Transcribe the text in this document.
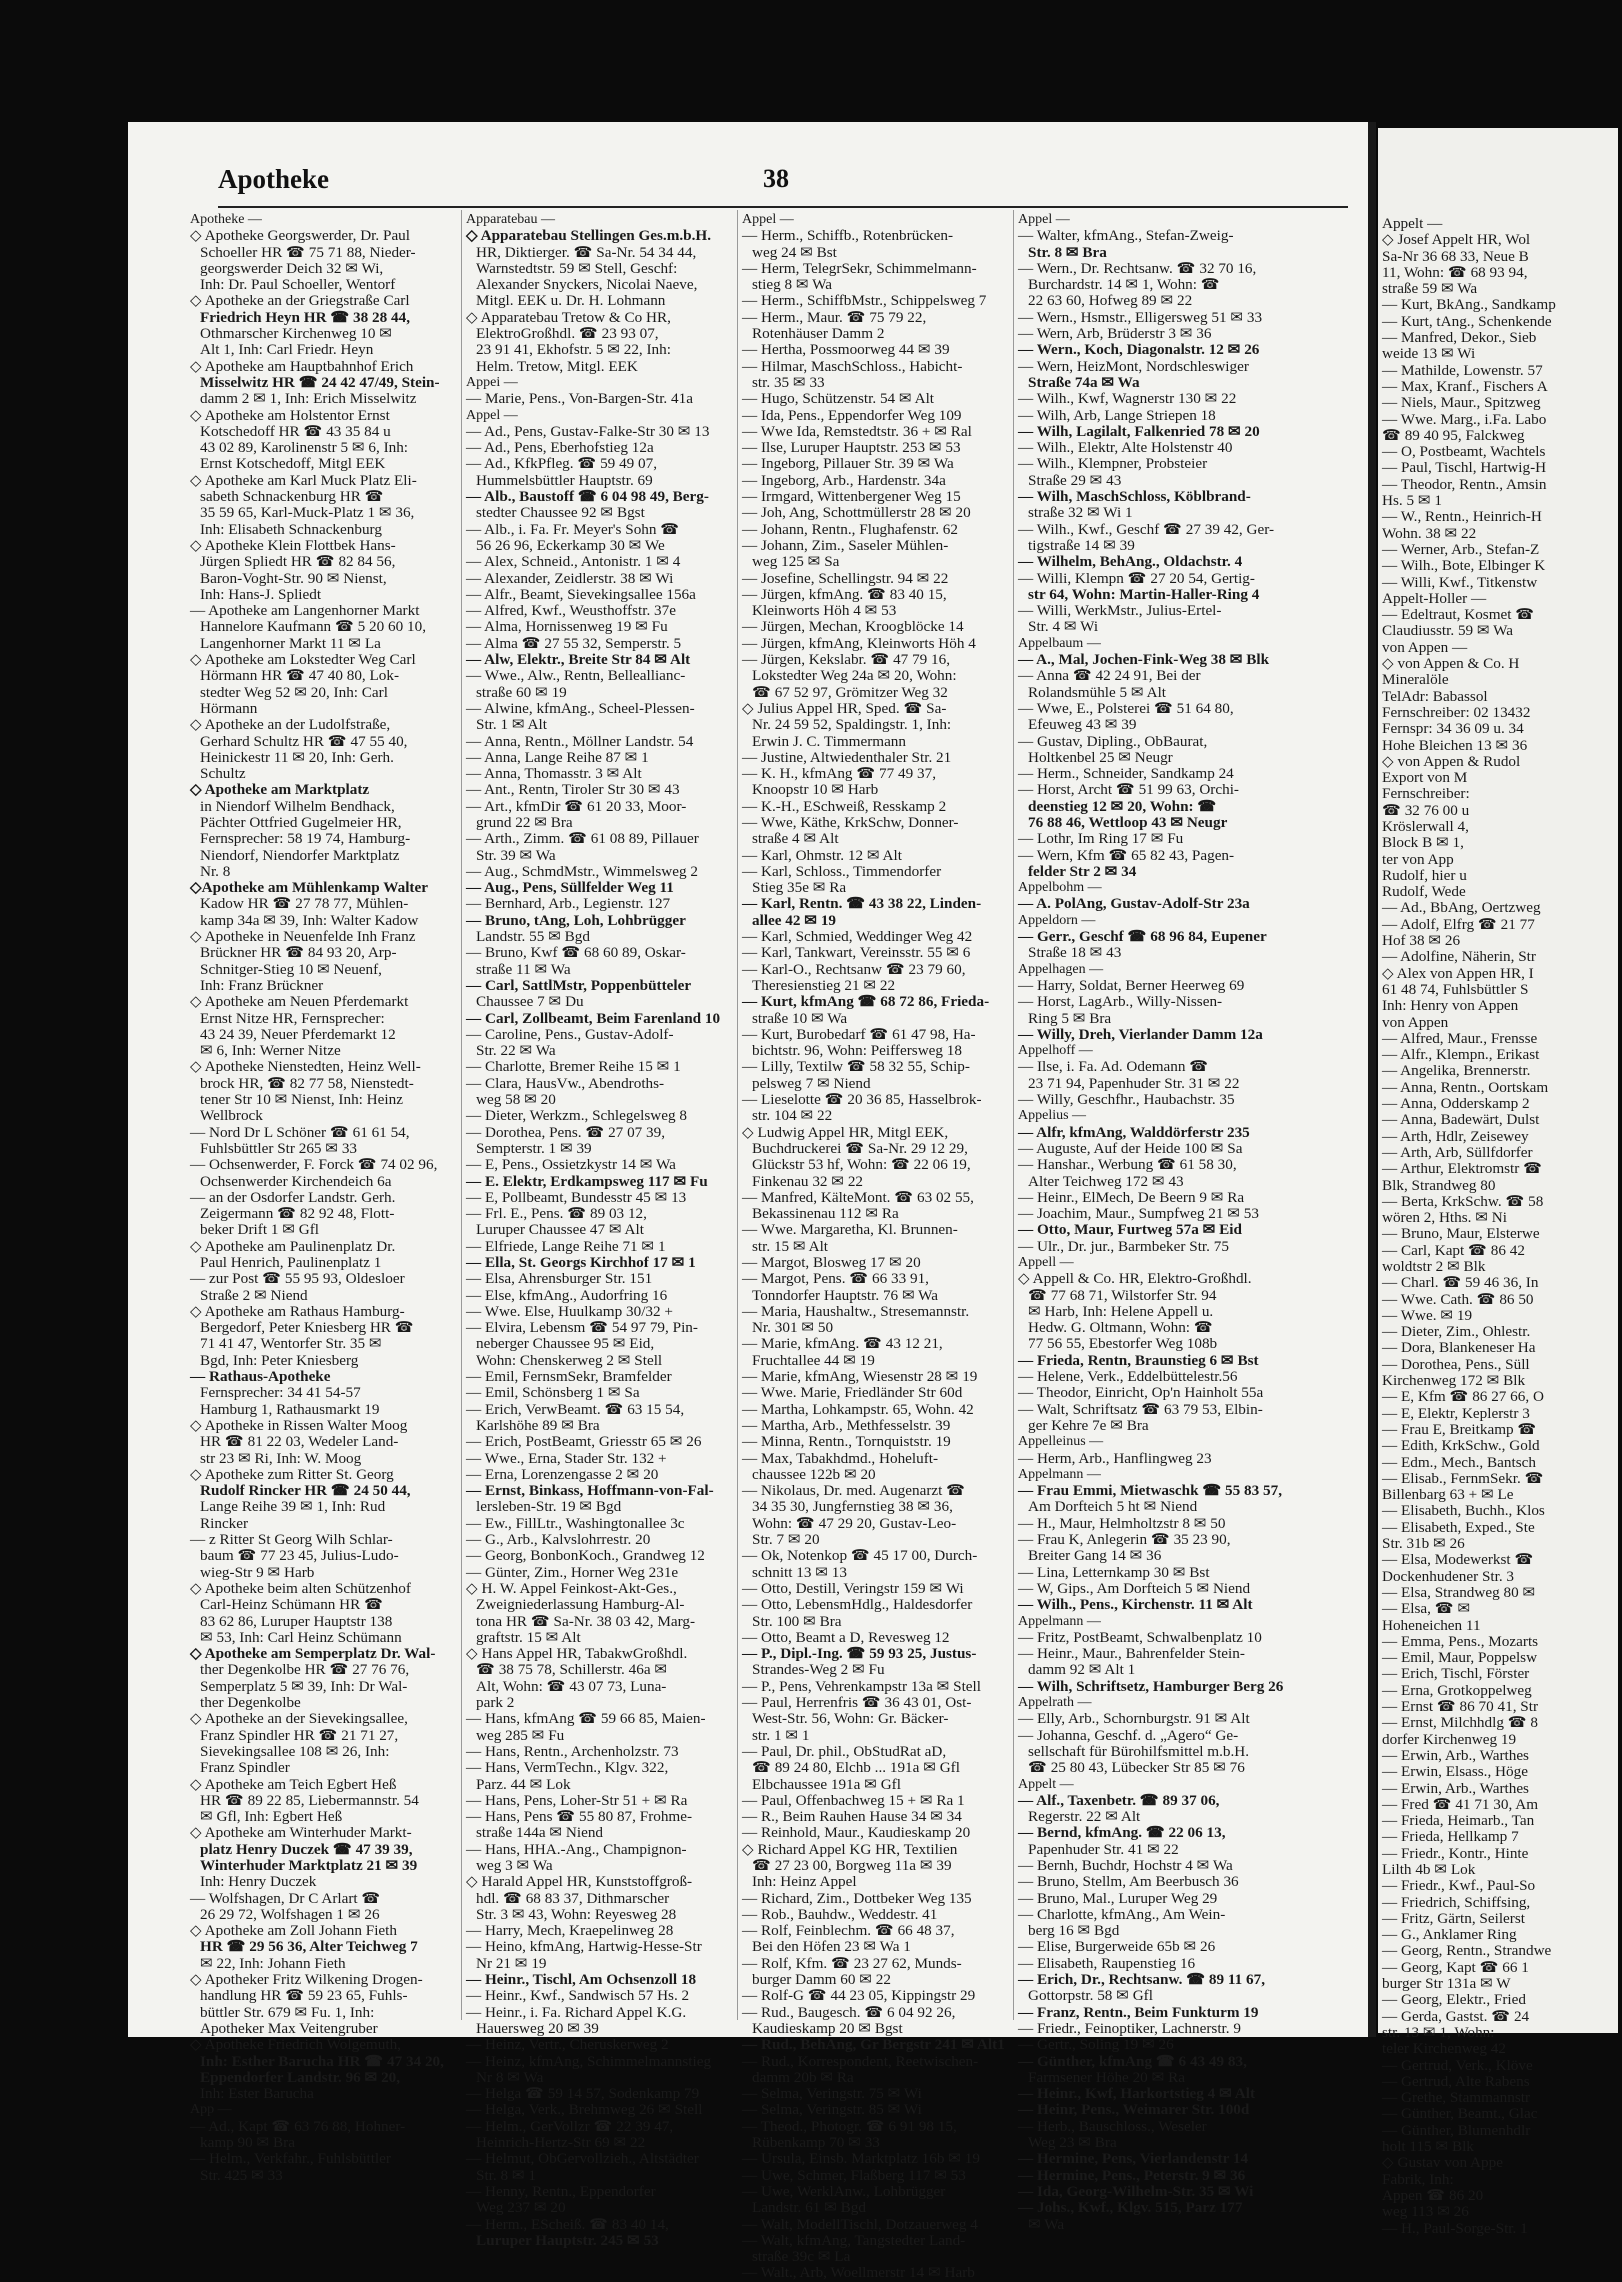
Apotheke	38
Apotheke —
◇ Apotheke Georgswerder, Dr. Paul
Schoeller HR ☎ 75 71 88, Nieder-
georgswerder Deich 32 ✉ Wi,
Inh: Dr. Paul Schoeller, Wentorf
◇ Apotheke an der Griegstraße Carl
Friedrich Heyn HR ☎ 38 28 44,
Othmarscher Kirchenweg 10 ✉
Alt 1, Inh: Carl Friedr. Heyn
◇ Apotheke am Hauptbahnhof Erich
Misselwitz HR ☎ 24 42 47/49, Stein-
damm 2 ✉ 1, Inh: Erich Misselwitz
◇ Apotheke am Holstentor Ernst
Kotschedoff HR ☎ 43 35 84 u
43 02 89, Karolinenstr 5 ✉ 6, Inh:
Ernst Kotschedoff, Mitgl EEK
◇ Apotheke am Karl Muck Platz Eli-
sabeth Schnackenburg HR ☎
35 59 65, Karl-Muck-Platz 1 ✉ 36,
Inh: Elisabeth Schnackenburg
◇ Apotheke Klein Flottbek Hans-
Jürgen Spliedt HR ☎ 82 84 56,
Baron-Voght-Str. 90 ✉ Nienst,
Inh: Hans-J. Spliedt
— Apotheke am Langenhorner Markt
Hannelore Kaufmann ☎ 5 20 60 10,
Langenhorner Markt 11 ✉ La
◇ Apotheke am Lokstedter Weg Carl
Hörmann HR ☎ 47 40 80, Lok-
stedter Weg 52 ✉ 20, Inh: Carl
Hörmann
◇ Apotheke an der Ludolfstraße,
Gerhard Schultz HR ☎ 47 55 40,
Heinickestr 11 ✉ 20, Inh: Gerh.
Schultz
◇ Apotheke am Marktplatz
in Niendorf Wilhelm Bendhack,
Pächter Ottfried Gugelmeier HR,
Fernsprecher: 58 19 74, Hamburg-
Niendorf, Niendorfer Marktplatz
Nr. 8
◇Apotheke am Mühlenkamp Walter
Kadow HR ☎ 27 78 77, Mühlen-
kamp 34a ✉ 39, Inh: Walter Kadow
◇ Apotheke in Neuenfelde Inh Franz
Brückner HR ☎ 84 93 20, Arp-
Schnitger-Stieg 10 ✉ Neuenf,
Inh: Franz Brückner
◇ Apotheke am Neuen Pferdemarkt
Ernst Nitze HR, Fernsprecher:
43 24 39, Neuer Pferdemarkt 12
✉ 6, Inh: Werner Nitze
◇ Apotheke Nienstedten, Heinz Well-
brock HR, ☎ 82 77 58, Nienstedt-
tener Str 10 ✉ Nienst, Inh: Heinz
Wellbrock
— Nord Dr L Schöner ☎ 61 61 54,
Fuhlsbüttler Str 265 ✉ 33
— Ochsenwerder, F. Forck ☎ 74 02 96,
Ochsenwerder Kirchendeich 6a
— an der Osdorfer Landstr. Gerh.
Zeigermann ☎ 82 92 48, Flott-
beker Drift 1 ✉ Gfl
◇ Apotheke am Paulinenplatz Dr.
Paul Henrich, Paulinenplatz 1
— zur Post ☎ 55 95 93, Oldesloer
Straße 2 ✉ Niend
◇ Apotheke am Rathaus Hamburg-
Bergedorf, Peter Kniesberg HR ☎
71 41 47, Wentorfer Str. 35 ✉
Bgd, Inh: Peter Kniesberg
— Rathaus-Apotheke
Fernsprecher: 34 41 54-57
Hamburg 1, Rathausmarkt 19
◇ Apotheke in Rissen Walter Moog
HR ☎ 81 22 03, Wedeler Land-
str 23 ✉ Ri, Inh: W. Moog
◇ Apotheke zum Ritter St. Georg
Rudolf Rincker HR ☎ 24 50 44,
Lange Reihe 39 ✉ 1, Inh: Rud
Rincker
— z Ritter St Georg Wilh Schlar-
baum ☎ 77 23 45, Julius-Ludo-
wieg-Str 9 ✉ Harb
◇ Apotheke beim alten Schützenhof
Carl-Heinz Schümann HR ☎
83 62 86, Luruper Hauptstr 138
✉ 53, Inh: Carl Heinz Schümann
◇ Apotheke am Semperplatz Dr. Wal-
ther Degenkolbe HR ☎ 27 76 76,
Semperplatz 5 ✉ 39, Inh: Dr Wal-
ther Degenkolbe
◇ Apotheke an der Sievekingsallee,
Franz Spindler HR ☎ 21 71 27,
Sievekingsallee 108 ✉ 26, Inh:
Franz Spindler
◇ Apotheke am Teich Egbert Heß
HR ☎ 89 22 85, Liebermannstr. 54
✉ Gfl, Inh: Egbert Heß
◇ Apotheke am Winterhuder Markt-
platz Henry Duczek ☎ 47 39 39,
Winterhuder Marktplatz 21 ✉ 39
Inh: Henry Duczek
— Wolfshagen, Dr C Arlart ☎
26 29 72, Wolfshagen 1 ✉ 26
◇ Apotheke am Zoll Johann Fieth
HR ☎ 29 56 36, Alter Teichweg 7
✉ 22, Inh: Johann Fieth
◇ Apotheker Fritz Wilkening Drogen-
handlung HR ☎ 59 23 65, Fuhls-
büttler Str. 679 ✉ Fu. 1, Inh:
Apotheker Max Veitengruber
◇ Apotheke Friedrich Wolgemuth,
Inh: Esther Barucha HR ☎ 47 34 20,
Eppendorfer Landstr. 96 ✉ 20,
Inh: Ester Barucha
App —
— Ad., Kapt ☎ 63 76 88, Hohner-
kamp 90 ✉ Bra
— Helm., Verkfahr., Fuhlsbüttler
Str. 425 ✉ 33
Apparatebau —
◇ Apparatebau Stellingen Ges.m.b.H.
HR, Diktierger. ☎ Sa-Nr. 54 34 44,
Warnstedtstr. 59 ✉ Stell, Geschf:
Alexander Snyckers, Nicolai Naeve,
Mitgl. EEK u. Dr. H. Lohmann
◇ Apparatebau Tretow & Co HR,
ElektroGroßhdl. ☎ 23 93 07,
23 91 41, Ekhofstr. 5 ✉ 22, Inh:
Helm. Tretow, Mitgl. EEK
Appei —
— Marie, Pens., Von-Bargen-Str. 41a
Appel —
— Ad., Pens, Gustav-Falke-Str 30 ✉ 13
— Ad., Pens, Eberhofstieg 12a
— Ad., KfkPfleg. ☎ 59 49 07,
Hummelsbüttler Hauptstr. 69
— Alb., Baustoff ☎ 6 04 98 49, Berg-
stedter Chaussee 92 ✉ Bgst
— Alb., i. Fa. Fr. Meyer's Sohn ☎
56 26 96, Eckerkamp 30 ✉ We
— Alex, Schneid., Antonistr. 1 ✉ 4
— Alexander, Zeidlerstr. 38 ✉ Wi
— Alfr., Beamt, Sievekingsallee 156a
— Alfred, Kwf., Weusthoffstr. 37e
— Alma, Hornissenweg 19 ✉ Fu
— Alma ☎ 27 55 32, Semperstr. 5
— Alw, Elektr., Breite Str 84 ✉ Alt
— Wwe., Alw., Rentn, Belleallianc-
straße 60 ✉ 19
— Alwine, kfmAng., Scheel-Plessen-
Str. 1 ✉ Alt
— Anna, Rentn., Möllner Landstr. 54
— Anna, Lange Reihe 87 ✉ 1
— Anna, Thomasstr. 3 ✉ Alt
— Ant., Rentn, Tiroler Str 30 ✉ 43
— Art., kfmDir ☎ 61 20 33, Moor-
grund 22 ✉ Bra
— Arth., Zimm. ☎ 61 08 89, Pillauer
Str. 39 ✉ Wa
— Aug., SchmdMstr., Wimmelsweg 2
— Aug., Pens, Süllfelder Weg 11
— Bernhard, Arb., Legienstr. 127
— Bruno, tAng, Loh, Lohbrügger
Landstr. 55 ✉ Bgd
— Bruno, Kwf ☎ 68 60 89, Oskar-
straße 11 ✉ Wa
— Carl, SattlMstr, Poppenbütteler
Chaussee 7 ✉ Du
— Carl, Zollbeamt, Beim Farenland 10
— Caroline, Pens., Gustav-Adolf-
Str. 22 ✉ Wa
— Charlotte, Bremer Reihe 15 ✉ 1
— Clara, HausVw., Abendroths-
weg 58 ✉ 20
— Dieter, Werkzm., Schlegelsweg 8
— Dorothea, Pens. ☎ 27 07 39,
Sempterstr. 1 ✉ 39
— E, Pens., Ossietzkystr 14 ✉ Wa
— E. Elektr, Erdkampsweg 117 ✉ Fu
— E, Pollbeamt, Bundesstr 45 ✉ 13
— Frl. E., Pens. ☎ 89 03 12,
Luruper Chaussee 47 ✉ Alt
— Elfriede, Lange Reihe 71 ✉ 1
— Ella, St. Georgs Kirchhof 17 ✉ 1
— Elsa, Ahrensburger Str. 151
— Else, kfmAng., Audorfring 16
— Wwe. Else, Huulkamp 30/32 +
— Elvira, Lebensm ☎ 54 97 79, Pin-
neberger Chaussee 95 ✉ Eid,
Wohn: Chenskerweg 2 ✉ Stell
— Emil, FernsmSekr, Bramfelder
— Emil, Schönsberg 1 ✉ Sa
— Erich, VerwBeamt. ☎ 63 15 54,
Karlshöhe 89 ✉ Bra
— Erich, PostBeamt, Griesstr 65 ✉ 26
— Wwe., Erna, Stader Str. 132 +
— Erna, Lorenzengasse 2 ✉ 20
— Ernst, Binkass, Hoffmann-von-Fal-
lersleben-Str. 19 ✉ Bgd
— Ew., FillLtr., Washingtonallee 3c
— G., Arb., Kalvslohrrestr. 20
— Georg, BonbonKoch., Grandweg 12
— Günter, Zim., Horner Weg 231e
◇ H. W. Appel Feinkost-Akt-Ges.,
Zweigniederlassung Hamburg-Al-
tona HR ☎ Sa-Nr. 38 03 42, Marg-
graftstr. 15 ✉ Alt
◇ Hans Appel HR, TabakwGroßhdl.
☎ 38 75 78, Schillerstr. 46a ✉
Alt, Wohn: ☎ 43 07 73, Luna-
park 2
— Hans, kfmAng ☎ 59 66 85, Maien-
weg 285 ✉ Fu
— Hans, Rentn., Archenholzstr. 73
— Hans, VermTechn., Klgv. 322,
Parz. 44 ✉ Lok
— Hans, Pens, Loher-Str 51 + ✉ Ra
— Hans, Pens ☎ 55 80 87, Frohme-
straße 144a ✉ Niend
— Hans, HHA.-Ang., Champignon-
weg 3 ✉ Wa
◇ Harald Appel HR, Kunststoffgroß-
hdl. ☎ 68 83 37, Dithmarscher
Str. 3 ✉ 43, Wohn: Reyesweg 28
— Harry, Mech, Kraepelinweg 28
— Heino, kfmAng, Hartwig-Hesse-Str
Nr 21 ✉ 19
— Heinr., Tischl, Am Ochsenzoll 18
— Heinr., Kwf., Sandwisch 57 Hs. 2
— Heinr., i. Fa. Richard Appel K.G.
Hauersweg 20 ✉ 39
— Heinz, Vertr., Cheruskerweg 2
— Heinz, kfmAng, Schimmelmannstieg
Nr 8 ✉ Wa
— Helga ☎ 59 14 57, Sodenkamp 79
— Helga, Verk., Brehmweg 26 ✉ Stell
— Helm., GerVollzr ☎ 22 39 47,
Heinrich-Hertz-Str 69 ✉ 22
— Helmut, ObGervollzieh., Altstädter
Str. 8 ✉ 1
— Henny, Rentn., Eppendorfer
Weg 237 ✉ 20
— Herm., EScheiß. ☎ 83 40 14,
Luruper Hauptstr. 245 ✉ 53
Appel —
— Herm., Schiffb., Rotenbrücken-
weg 24 ✉ Bst
— Herm, TelegrSekr, Schimmelmann-
stieg 8 ✉ Wa
— Herm., SchiffbMstr., Schippelsweg 7
— Herm., Maur. ☎ 75 79 22,
Rotenhäuser Damm 2
— Hertha, Possmoorweg 44 ✉ 39
— Hilmar, MaschSchloss., Habicht-
str. 35 ✉ 33
— Hugo, Schützenstr. 54 ✉ Alt
— Ida, Pens., Eppendorfer Weg 109
— Wwe Ida, Remstedtstr. 36 + ✉ Ral
— Ilse, Luruper Hauptstr. 253 ✉ 53
— Ingeborg, Pillauer Str. 39 ✉ Wa
— Ingeborg, Arb., Hardenstr. 34a
— Irmgard, Wittenbergener Weg 15
— Joh, Ang, Schottmüllerstr 28 ✉ 20
— Johann, Rentn., Flughafenstr. 62
— Johann, Zim., Saseler Mühlen-
weg 125 ✉ Sa
— Josefine, Schellingstr. 94 ✉ 22
— Jürgen, kfmAng. ☎ 83 40 15,
Kleinworts Höh 4 ✉ 53
— Jürgen, Mechan, Kroogblöcke 14
— Jürgen, kfmAng, Kleinworts Höh 4
— Jürgen, Kekslabr. ☎ 47 79 16,
Lokstedter Weg 24a ✉ 20, Wohn:
☎ 67 52 97, Grömitzer Weg 32
◇ Julius Appel HR, Sped. ☎ Sa-
Nr. 24 59 52, Spaldingstr. 1, Inh:
Erwin J. C. Timmermann
— Justine, Altwiedenthaler Str. 21
— K. H., kfmAng ☎ 77 49 37,
Knoopstr 10 ✉ Harb
— K.-H., ESchweiß, Resskamp 2
— Wwe, Käthe, KrkSchw, Donner-
straße 4 ✉ Alt
— Karl, Ohmstr. 12 ✉ Alt
— Karl, Schloss., Timmendorfer
Stieg 35e ✉ Ra
— Karl, Rentn. ☎ 43 38 22, Linden-
allee 42 ✉ 19
— Karl, Schmied, Weddinger Weg 42
— Karl, Tankwart, Vereinsstr. 55 ✉ 6
— Karl-O., Rechtsanw ☎ 23 79 60,
Theresienstieg 21 ✉ 22
— Kurt, kfmAng ☎ 68 72 86, Frieda-
straße 10 ✉ Wa
— Kurt, Burobedarf ☎ 61 47 98, Ha-
bichtstr. 96, Wohn: Peiffersweg 18
— Lilly, Textilw ☎ 58 32 55, Schip-
pelsweg 7 ✉ Niend
— Lieselotte ☎ 20 36 85, Hasselbrok-
str. 104 ✉ 22
◇ Ludwig Appel HR, Mitgl EEK,
Buchdruckerei ☎ Sa-Nr. 29 12 29,
Glückstr 53 hf, Wohn: ☎ 22 06 19,
Finkenau 32 ✉ 22
— Manfred, KälteMont. ☎ 63 02 55,
Bekassinenau 112 ✉ Ra
— Wwe. Margaretha, Kl. Brunnen-
str. 15 ✉ Alt
— Margot, Blosweg 17 ✉ 20
— Margot, Pens. ☎ 66 33 91,
Tonndorfer Hauptstr. 76 ✉ Wa
— Maria, Haushaltw., Stresemannstr.
Nr. 301 ✉ 50
— Marie, kfmAng. ☎ 43 12 21,
Fruchtallee 44 ✉ 19
— Marie, kfmAng, Wiesenstr 28 ✉ 19
— Wwe. Marie, Friedländer Str 60d
— Martha, Lohkampstr. 65, Wohn. 42
— Martha, Arb., Methfesselstr. 39
— Minna, Rentn., Tornquiststr. 19
— Max, Tabakhdmd., Hoheluft-
chaussee 122b ✉ 20
— Nikolaus, Dr. med. Augenarzt ☎
34 35 30, Jungfernstieg 38 ✉ 36,
Wohn: ☎ 47 29 20, Gustav-Leo-
Str. 7 ✉ 20
— Ok, Notenkop ☎ 45 17 00, Durch-
schnitt 13 ✉ 13
— Otto, Destill, Veringstr 159 ✉ Wi
— Otto, LebensmHdlg., Haldesdorfer
Str. 100 ✉ Bra
— Otto, Beamt a D, Revesweg 12
— P., Dipl.-Ing. ☎ 59 93 25, Justus-
Strandes-Weg 2 ✉ Fu
— P., Pens, Vehrenkampstr 13a ✉ Stell
— Paul, Herrenfris ☎ 36 43 01, Ost-
West-Str. 56, Wohn: Gr. Bäcker-
str. 1 ✉ 1
— Paul, Dr. phil., ObStudRat aD,
☎ 89 24 80, Elchb ... 191a ✉ Gfl
Elbchaussee 191a ✉ Gfl
— Paul, Offenbachweg 15 + ✉ Ra 1
— R., Beim Rauhen Hause 34 ✉ 34
— Reinhold, Maur., Kaudieskamp 20
◇ Richard Appel KG HR, Textilien
☎ 27 23 00, Borgweg 11a ✉ 39
Inh: Heinz Appel
— Richard, Zim., Dottbeker Weg 135
— Rob., Bauhdw., Weddestr. 41
— Rolf, Feinblechm. ☎ 66 48 37,
Bei den Höfen 23 ✉ Wa 1
— Rolf, Kfm. ☎ 23 27 62, Munds-
burger Damm 60 ✉ 22
— Rolf-G ☎ 44 23 05, Kippingstr 29
— Rud., Baugesch. ☎ 6 04 92 26,
Kaudieskamp 20 ✉ Bgst
— Rud., BehAng, Gr Bergstr 241 ✉ Alt1
— Rud., Korrespondent, Reetwischen-
damm 20b ✉ Ra
— Selma, Veringstr. 75 ✉ Wi
— Selma, Veringstr. 85 ✉ Wi
— Theod., Photogr. ☎ 6 91 98 15,
Rübenkamp 70 ✉ 33
— Ursula, Einsb. Marktplatz 16b ✉ 19
— Uwe, Schmer, Flaßberg 117 ✉ 53
— Uwe, WerklAnw., Lohbrügger
Landstr. 61 ✉ Bgd
— Walt, ModellTischl, Dotzauerweg 4
— Walt, kfmAng, Tangstedter Land-
straße 39c ✉ La
— Walt., Arb, Woellmerstr 14 ✉ Harb
Appel —
— Walter, kfmAng., Stefan-Zweig-
Str. 8 ✉ Bra
— Wern., Dr. Rechtsanw. ☎ 32 70 16,
Burchardstr. 14 ✉ 1, Wohn: ☎
22 63 60, Hofweg 89 ✉ 22
— Wern., Hsmstr., Elligersweg 51 ✉ 33
— Wern, Arb, Brüderstr 3 ✉ 36
— Wern., Koch, Diagonalstr. 12 ✉ 26
— Wern, HeizMont, Nordschleswiger
Straße 74a ✉ Wa
— Wilh., Kwf, Wagnerstr 130 ✉ 22
— Wilh, Arb, Lange Striepen 18
— Wilh, Lagilalt, Falkenried 78 ✉ 20
— Wilh., Elektr, Alte Holstenstr 40
— Wilh., Klempner, Probsteier
Straße 29 ✉ 43
— Wilh, MaschSchloss, Köblbrand-
straße 32 ✉ Wi 1
— Wilh., Kwf., Geschf ☎ 27 39 42, Ger-
tigstraße 14 ✉ 39
— Wilhelm, BehAng., Oldachstr. 4
— Willi, Klempn ☎ 27 20 54, Gertig-
str 64, Wohn: Martin-Haller-Ring 4
— Willi, WerkMstr., Julius-Ertel-
Str. 4 ✉ Wi
Appelbaum —
— A., Mal, Jochen-Fink-Weg 38 ✉ Blk
— Anna ☎ 42 24 91, Bei der
Rolandsmühle 5 ✉ Alt
— Wwe, E., Polsterei ☎ 51 64 80,
Efeuweg 43 ✉ 39
— Gustav, Dipling., ObBaurat,
Holtkenbel 25 ✉ Neugr
— Herm., Schneider, Sandkamp 24
— Horst, Archt ☎ 51 99 63, Orchi-
deenstieg 12 ✉ 20, Wohn: ☎
76 88 46, Wettloop 43 ✉ Neugr
— Lothr, Im Ring 17 ✉ Fu
— Wern, Kfm ☎ 65 82 43, Pagen-
felder Str 2 ✉ 34
Appelbohm —
— A. PolAng, Gustav-Adolf-Str 23a
Appeldorn —
— Gerr., Geschf ☎ 68 96 84, Eupener
Straße 18 ✉ 43
Appelhagen —
— Harry, Soldat, Berner Heerweg 69
— Horst, LagArb., Willy-Nissen-
Ring 5 ✉ Bra
— Willy, Dreh, Vierlander Damm 12a
Appelhoff —
— Ilse, i. Fa. Ad. Odemann ☎
23 71 94, Papenhuder Str. 31 ✉ 22
— Willy, Geschfhr., Haubachstr. 35
Appelius —
— Alfr, kfmAng, Walddörferstr 235
— Auguste, Auf der Heide 100 ✉ Sa
— Hanshar., Werbung ☎ 61 58 30,
Alter Teichweg 172 ✉ 43
— Heinr., ElMech, De Beern 9 ✉ Ra
— Joachim, Maur., Sumpfweg 21 ✉ 53
— Otto, Maur, Furtweg 57a ✉ Eid
— Ulr., Dr. jur., Barmbeker Str. 75
Appell —
◇ Appell & Co. HR, Elektro-Großhdl.
☎ 77 68 71, Wilstorfer Str. 94
✉ Harb, Inh: Helene Appell u.
Hedw. G. Oltmann, Wohn: ☎
77 56 55, Ebestorfer Weg 108b
— Frieda, Rentn, Braunstieg 6 ✉ Bst
— Helene, Verk., Eddelbüttelestr.56
— Theodor, Einricht, Op'n Hainholt 55a
— Walt, Schriftsatz ☎ 63 79 53, Elbin-
ger Kehre 7e ✉ Bra
Appelleinus —
— Herm, Arb., Hanflingweg 23
Appelmann —
— Frau Emmi, Mietwaschk ☎ 55 83 57,
Am Dorfteich 5 ht ✉ Niend
— H., Maur, Helmholtzstr 8 ✉ 50
— Frau K, Anlegerin ☎ 35 23 90,
Breiter Gang 14 ✉ 36
— Lina, Letternkamp 30 ✉ Bst
— W, Gips., Am Dorfteich 5 ✉ Niend
— Wilh., Pens., Kirchenstr. 11 ✉ Alt
Appelmann —
— Fritz, PostBeamt, Schwalbenplatz 10
— Heinr., Maur., Bahrenfelder Stein-
damm 92 ✉ Alt 1
— Wilh, Schriftsetz, Hamburger Berg 26
Appelrath —
— Elly, Arb., Schornburgstr. 91 ✉ Alt
— Johanna, Geschf. d. „Agero“ Ge-
sellschaft für Bürohilfsmittel m.b.H.
☎ 25 80 43, Lübecker Str 85 ✉ 76
Appelt —
— Alf., Taxenbetr. ☎ 89 37 06,
Regerstr. 22 ✉ Alt
— Bernd, kfmAng. ☎ 22 06 13,
Papenhuder Str. 41 ✉ 22
— Bernh, Buchdr, Hochstr 4 ✉ Wa
— Bruno, Stellm, Am Beerbusch 36
— Bruno, Mal., Luruper Weg 29
— Charlotte, kfmAng., Am Wein-
berg 16 ✉ Bgd
— Elise, Burgerweide 65b ✉ 26
— Elisabeth, Raupenstieg 16
— Erich, Dr., Rechtsanw. ☎ 89 11 67,
Gottorpstr. 58 ✉ Gfl
— Franz, Rentn., Beim Funkturm 19
— Friedr., Feinoptiker, Lachnerstr. 9
— Gertr., Soling 19 ✉ 26
— Günther, kfmAng ☎ 6 43 49 83,
Farmsener Höhe 20 ✉ Ra
— Heinr., Kwf, Harkortstieg 4 ✉ Alt
— Heinr, Pens., Weimarer Str. 100d
— Herb., Bauschloss., Weseler
Weg 23 ✉ Bra
— Hermine, Pens, Vierlandenstr 14
— Hermine, Pens., Peterstr. 9 ✉ 36
— Ida, Georg-Wilhelm-Str. 35 ✉ Wi
— Johs., Kwf., Klgv. 515, Parz 177
✉ Wa
Appelt —
◇ Josef Appelt HR, Wol
Sa-Nr 36 68 33, Neue B
11, Wohn: ☎ 68 93 94,
straße 59 ✉ Wa
— Kurt, BkAng., Sandkamp
— Kurt, tAng., Schenkende
— Manfred, Dekor., Sieb
weide 13 ✉ Wi
— Mathilde, Lowenstr. 57
— Max, Kranf., Fischers A
— Niels, Maur., Spitzweg
— Wwe. Marg., i.Fa. Labo
☎ 89 40 95, Falckweg
— O, Postbeamt, Wachtels
— Paul, Tischl, Hartwig-H
— Theodor, Rentn., Amsin
Hs. 5 ✉ 1
— W., Rentn., Heinrich-H
Wohn. 38 ✉ 22
— Werner, Arb., Stefan-Z
— Wilh., Bote, Elbinger K
— Willi, Kwf., Titkenstw
Appelt-Holler —
— Edeltraut, Kosmet ☎
Claudiusstr. 59 ✉ Wa
von Appen —
◇ von Appen & Co. H
Mineralöle
TelAdr: Babassol
Fernschreiber: 02 13432
Fernspr: 34 36 09 u. 34
Hohe Bleichen 13 ✉ 36
◇ von Appen & Rudol
Export von M
Fernschreiber:
☎ 32 76 00 u
Kröslerwall 4,
Block B ✉ 1,
ter von App
Rudolf, hier u
Rudolf, Wede
— Ad., BbAng, Oertzweg
— Adolf, Elfrg ☎ 21 77
Hof 38 ✉ 26
— Adolfine, Näherin, Str
◇ Alex von Appen HR, I
61 48 74, Fuhlsbüttler S
Inh: Henry von Appen
von Appen
— Alfred, Maur., Frensse
— Alfr., Klempn., Erikast
— Angelika, Brennerstr.
— Anna, Rentn., Oortskam
— Anna, Odderskamp 2
— Anna, Badewärt, Dulst
— Arth, Hdlr, Zeisewey
— Arth, Arb, Süllfdorfer
— Arthur, Elektromstr ☎
Blk, Strandweg 80
— Berta, KrkSchw. ☎ 58
wören 2, Hths. ✉ Ni
— Bruno, Maur, Elsterwe
— Carl, Kapt ☎ 86 42
woldtstr 2 ✉ Blk
— Charl. ☎ 59 46 36, In
— Wwe. Cath. ☎ 86 50
— Wwe. ✉ 19
— Dieter, Zim., Ohlestr.
— Dora, Blankeneser Ha
— Dorothea, Pens., Süll
Kirchenweg 172 ✉ Blk
— E, Kfm ☎ 86 27 66, O
— E, Elektr, Keplerstr 3
— Frau E, Breitkamp ☎
— Edith, KrkSchw., Gold
— Edm., Mech., Bantsch
— Elisab., FernmSekr. ☎
Billenbarg 63 + ✉ Le
— Elisabeth, Buchh., Klos
— Elisabeth, Exped., Ste
Str. 31b ✉ 26
— Elsa, Modewerkst ☎
Dockenhudener Str. 3
— Elsa, Strandweg 80 ✉
— Elsa, ☎ ✉
Hoheneichen 11
— Emma, Pens., Mozarts
— Emil, Maur, Poppelsw
— Erich, Tischl, Förster
— Erna, Grotkoppelweg
— Ernst ☎ 86 70 41, Str
— Ernst, Milchhdlg ☎ 8
dorfer Kirchenweg 19
— Erwin, Arb., Warthes
— Erwin, Elsass., Höge
— Erwin, Arb., Warthes
— Fred ☎ 41 71 30, Am
— Frieda, Heimarb., Tan
— Frieda, Hellkamp 7
— Friedr., Kontr., Hinte
Lilth 4b ✉ Lok
— Friedr., Kwf., Paul-So
— Friedrich, Schiffsing,
— Fritz, Gärtn, Seilerst
— G., Anklamer Ring
— Georg, Rentn., Strandwe
— Georg, Kapt ☎ 66 1
burger Str 131a ✉ W
— Georg, Elektr., Fried
— Gerda, Gastst. ☎ 24
str. 13 ✉ 1, Wohn:
teler Kirchenweg 42
— Gertrud, Verk., Klöve
— Gertrud, Alte Rabens
— Grethe, Stammannstr
— Günther, Beamt., Glac
— Günther, Blumenhdlr
holt 115 ✉ Blk
◇ Gustav von Appe
Fabrik, Inh:
Appen ☎ 86 20
weg 113 ✉ 26
— H., Paul-Sorge-Str. 1
